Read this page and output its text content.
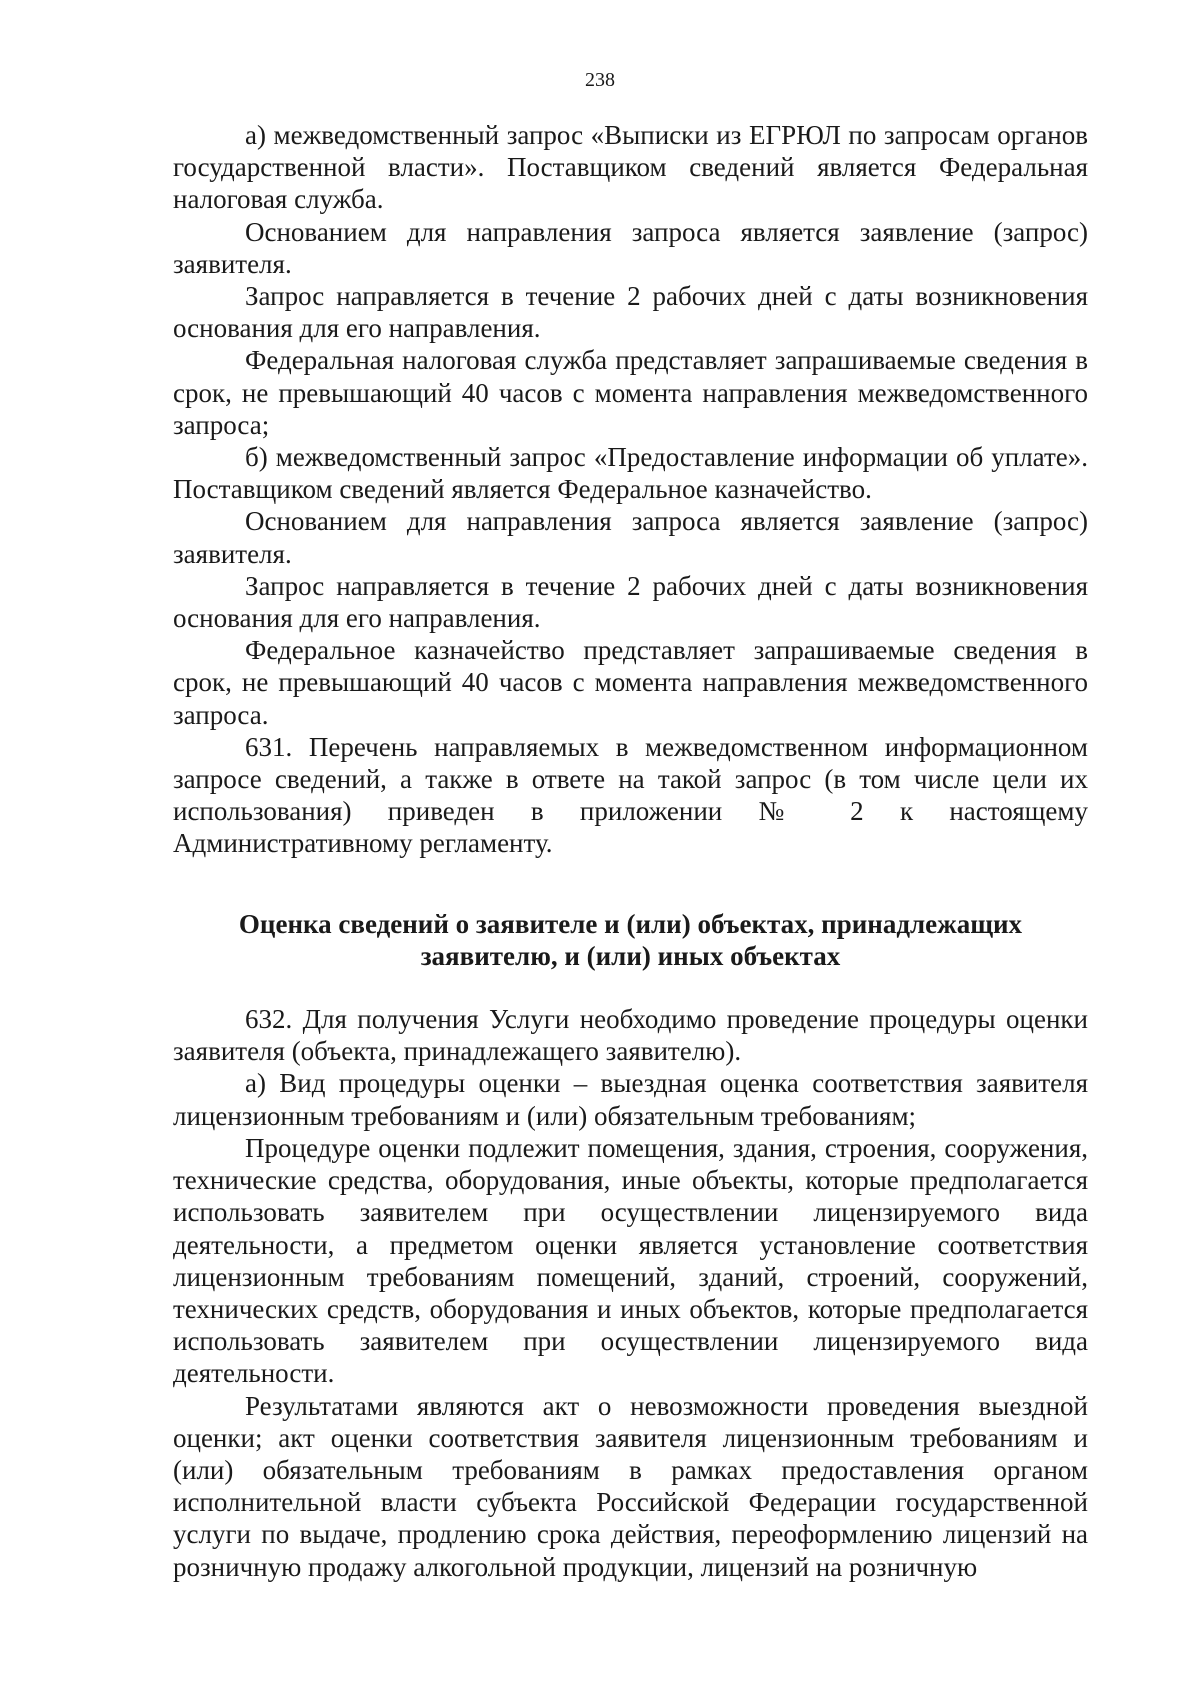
238

а) межведомственный запрос «Выписки из ЕГРЮЛ по запросам органов государственной власти». Поставщиком сведений является Федеральная налоговая служба.

Основанием для направления запроса является заявление (запрос) заявителя.

Запрос направляется в течение 2 рабочих дней с даты возникновения основания для его направления.

Федеральная налоговая служба представляет запрашиваемые сведения в срок, не превышающий 40 часов с момента направления межведомственного запроса;

б) межведомственный запрос «Предоставление информации об уплате». Поставщиком сведений является Федеральное казначейство.

Основанием для направления запроса является заявление (запрос) заявителя.

Запрос направляется в течение 2 рабочих дней с даты возникновения основания для его направления.

Федеральное казначейство представляет запрашиваемые сведения в срок, не превышающий 40 часов с момента направления межведомственного запроса.

631. Перечень направляемых в межведомственном информационном запросе сведений, а также в ответе на такой запрос (в том числе цели их использования) приведен в приложении № 2 к настоящему Административному регламенту.

Оценка сведений о заявителе и (или) объектах, принадлежащих
заявителю, и (или) иных объектах

632. Для получения Услуги необходимо проведение процедуры оценки заявителя (объекта, принадлежащего заявителю).

а) Вид процедуры оценки – выездная оценка соответствия заявителя лицензионным требованиям и (или) обязательным требованиям;

Процедуре оценки подлежит помещения, здания, строения, сооружения, технические средства, оборудования, иные объекты, которые предполагается использовать заявителем при осуществлении лицензируемого вида деятельности, а предметом оценки является установление соответствия лицензионным требованиям помещений, зданий, строений, сооружений, технических средств, оборудования и иных объектов, которые предполагается использовать заявителем при осуществлении лицензируемого вида деятельности.

Результатами являются акт о невозможности проведения выездной оценки; акт оценки соответствия заявителя лицензионным требованиям и (или) обязательным требованиям в рамках предоставления органом исполнительной власти субъекта Российской Федерации государственной услуги по выдаче, продлению срока действия, переоформлению лицензий на розничную продажу алкогольной продукции, лицензий на розничную
